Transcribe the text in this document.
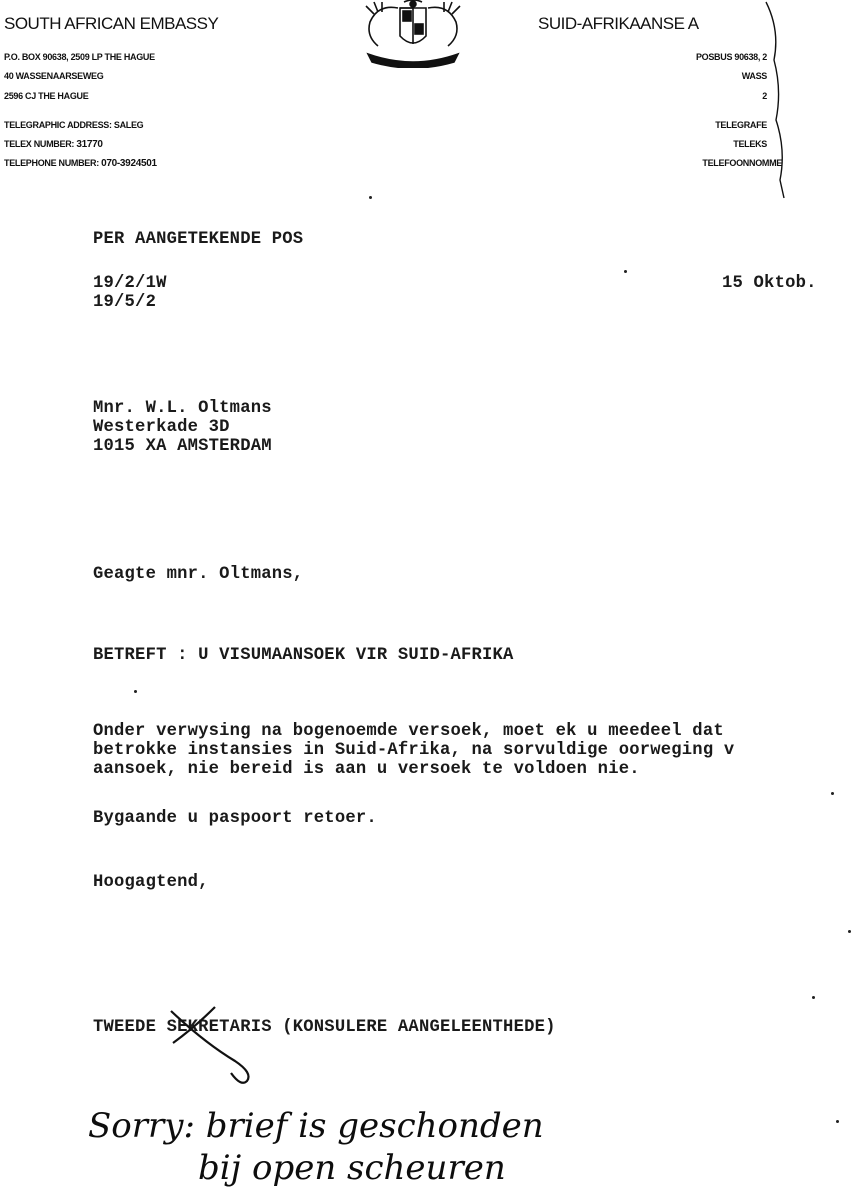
SOUTH AFRICAN EMBASSY	SUID-AFRIKAANSE A
P.O. BOX 90638, 2509 LP THE HAGUE
40 WASSENAARSEWEG
2596 CJ THE HAGUE
TELEGRAPHIC ADDRESS: SALEG
TELEX NUMBER: 31770
TELEPHONE NUMBER: 070-3924501
POSBUS 90638, 2
WASS
2
TELEGRAFE
TELEKS
TELEFOONNOMME
PER AANGETEKENDE POS
19/2/1W
19/5/2
15 Oktob.
Mnr. W.L. Oltmans
Westerkade 3D
1015 XA AMSTERDAM
Geagte mnr. Oltmans,
BETREFT : U VISUMAANSOEK VIR SUID-AFRIKA
Onder verwysing na bogenoemde versoek, moet ek u meedeel dat
betrokke instansies in Suid-Afrika, na sorvuldige oorweging v
aansoek, nie bereid is aan u versoek te voldoen nie.
Bygaande u paspoort retoer.
Hoogagtend,
TWEEDE SEKRETARIS (KONSULERE AANGELEENTHEDE)
Sorry: brief is geschonden
bij open scheuren
